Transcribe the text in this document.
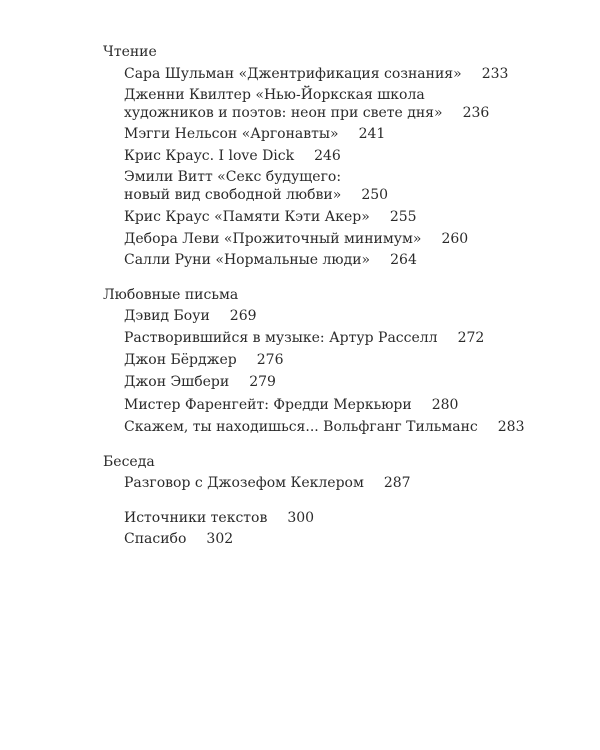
Чтение
Сара Шульман «Джентрификация сознания» 233
Дженни Квилтер «Нью-Йоркская школа
художников и поэтов: неон при свете дня» 236
Мэгги Нельсон «Аргонавты» 241
Крис Краус. I love Dick 246
Эмили Витт «Секс будущего:
новый вид свободной любви» 250
Крис Краус «Памяти Кэти Акер» 255
Дебора Леви «Прожиточный минимум» 260
Салли Руни «Нормальные люди» 264
Любовные письма
Дэвид Боуи 269
Растворившийся в музыке: Артур Расселл 272
Джон Бёрджер 276
Джон Эшбери 279
Мистер Фаренгейт: Фредди Меркьюри 280
Скажем, ты находишься... Вольфганг Тильманс 283
Беседа
Разговор с Джозефом Кеклером 287
Источники текстов 300
Спасибо 302
